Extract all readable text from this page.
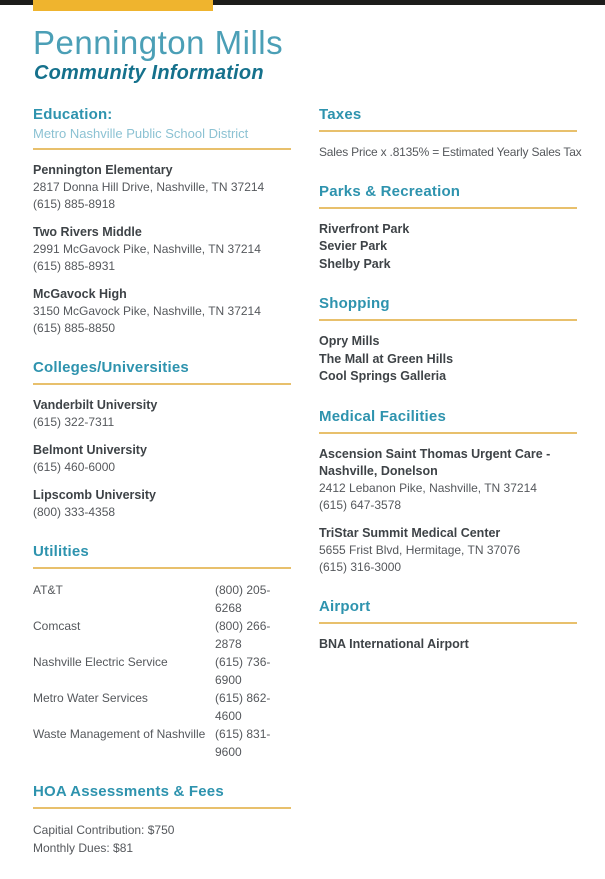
Pennington Mills
Community Information
Education:
Metro Nashville Public School District
Pennington Elementary
2817 Donna Hill Drive, Nashville, TN 37214
(615) 885-8918
Two Rivers Middle
2991 McGavock Pike, Nashville, TN 37214
(615) 885-8931
McGavock High
3150 McGavock Pike, Nashville, TN 37214
(615) 885-8850
Colleges/Universities
Vanderbilt University
(615) 322-7311
Belmont University
(615) 460-6000
Lipscomb University
(800) 333-4358
Utilities
AT&T	(800) 205-6268
Comcast	(800) 266-2878
Nashville Electric Service	(615) 736-6900
Metro Water Services	(615) 862-4600
Waste Management of Nashville (615) 831-9600
HOA Assessments & Fees
Capitial Contribution: $750
Monthly Dues: $81
Taxes
Sales Price x .8135% = Estimated Yearly Sales Tax
Parks & Recreation
Riverfront Park
Sevier Park
Shelby Park
Shopping
Opry Mills
The Mall at Green Hills
Cool Springs Galleria
Medical Facilities
Ascension Saint Thomas Urgent Care - Nashville, Donelson
2412 Lebanon Pike, Nashville, TN 37214
(615) 647-3578
TriStar Summit Medical Center
5655 Frist Blvd, Hermitage, TN 37076
(615) 316-3000
Airport
BNA International Airport
